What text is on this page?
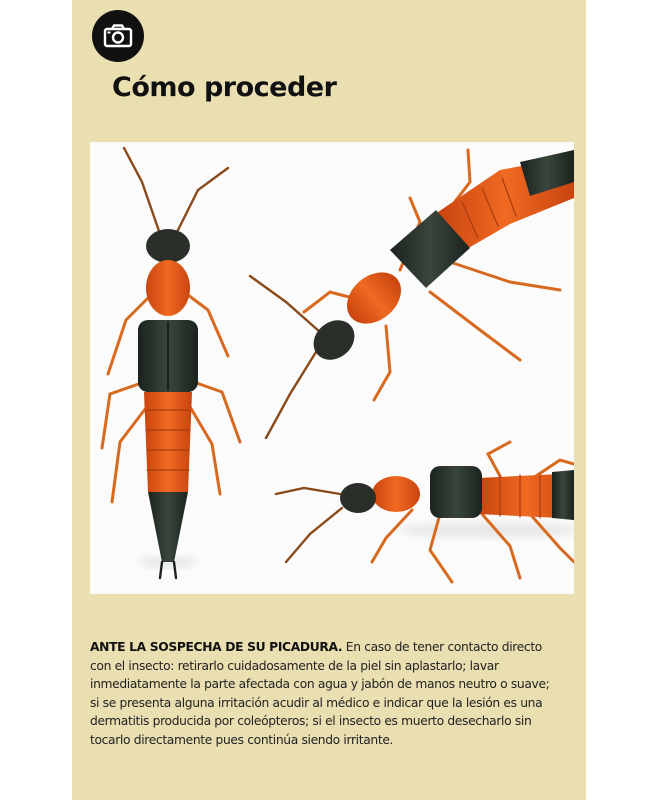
Cómo proceder

ANTE LA SOSPECHA DE SU PICADURA. En caso de tener contacto directo con el insecto: retirarlo cuidadosamente de la piel sin aplastarlo; lavar inmediatamente la parte afectada con agua y jabón de manos neutro o suave; si se presenta alguna irritación acudir al médico e indicar que la lesión es una dermatitis producida por coleópteros; si el insecto es muerto desecharlo sin tocarlo directamente pues continúa siendo irritante.
